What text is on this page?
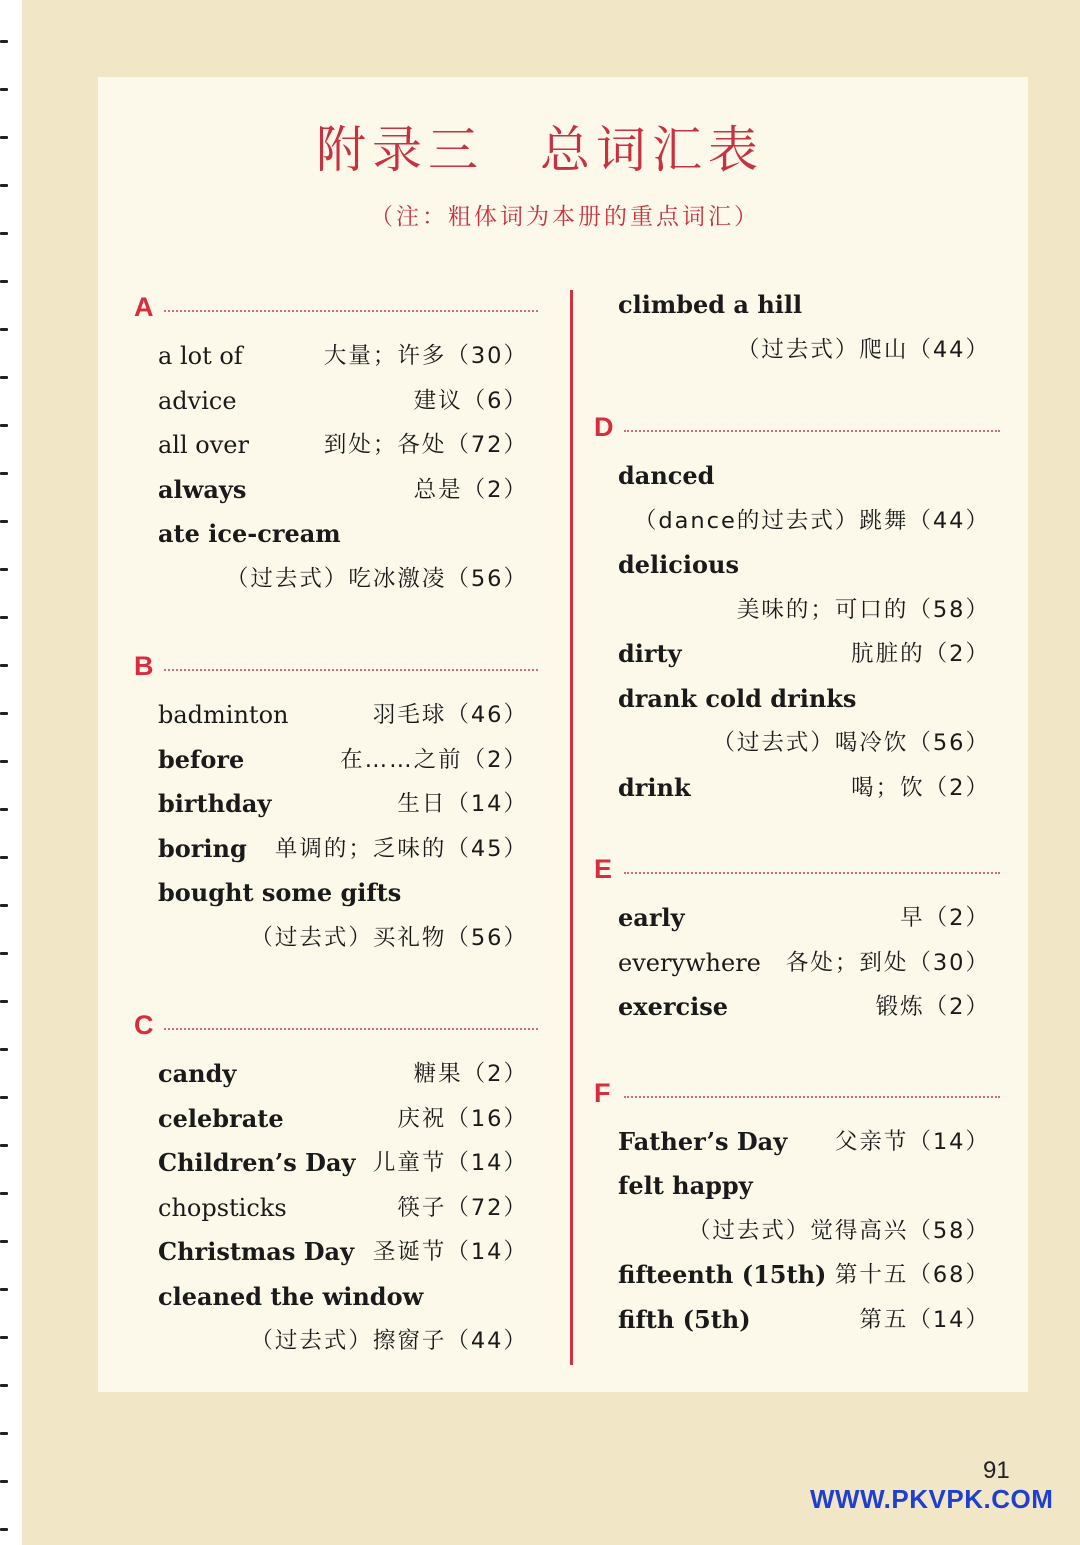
附录三　总词汇表
（注：粗体词为本册的重点词汇）
A
a lot of	大量；许多（30）
advice	建议（6）
all over	到处；各处（72）
always	总是（2）
ate ice-cream
（过去式）吃冰激凌（56）
B
badminton	羽毛球（46）
before	在……之前（2）
birthday	生日（14）
boring 单调的；乏味的（45）
bought some gifts
（过去式）买礼物（56）
C
candy	糖果（2）
celebrate	庆祝（16）
Children’s Day 儿童节（14）
chopsticks	筷子（72）
Christmas Day 圣诞节（14）
cleaned the window
（过去式）擦窗子（44）
climbed a hill
（过去式）爬山（44）
D
danced
（dance的过去式）跳舞（44）
delicious
美味的；可口的（58）
dirty	肮脏的（2）
drank cold drinks
（过去式）喝冷饮（56）
drink	喝；饮（2）
E
early	早（2）
everywhere 各处；到处（30）
exercise	锻炼（2）
F
Father’s Day 父亲节（14）
felt happy
（过去式）觉得高兴（58）
fifteenth (15th) 第十五（68）
fifth (5th)	第五（14）
91
WWW.PKVPK.COM
